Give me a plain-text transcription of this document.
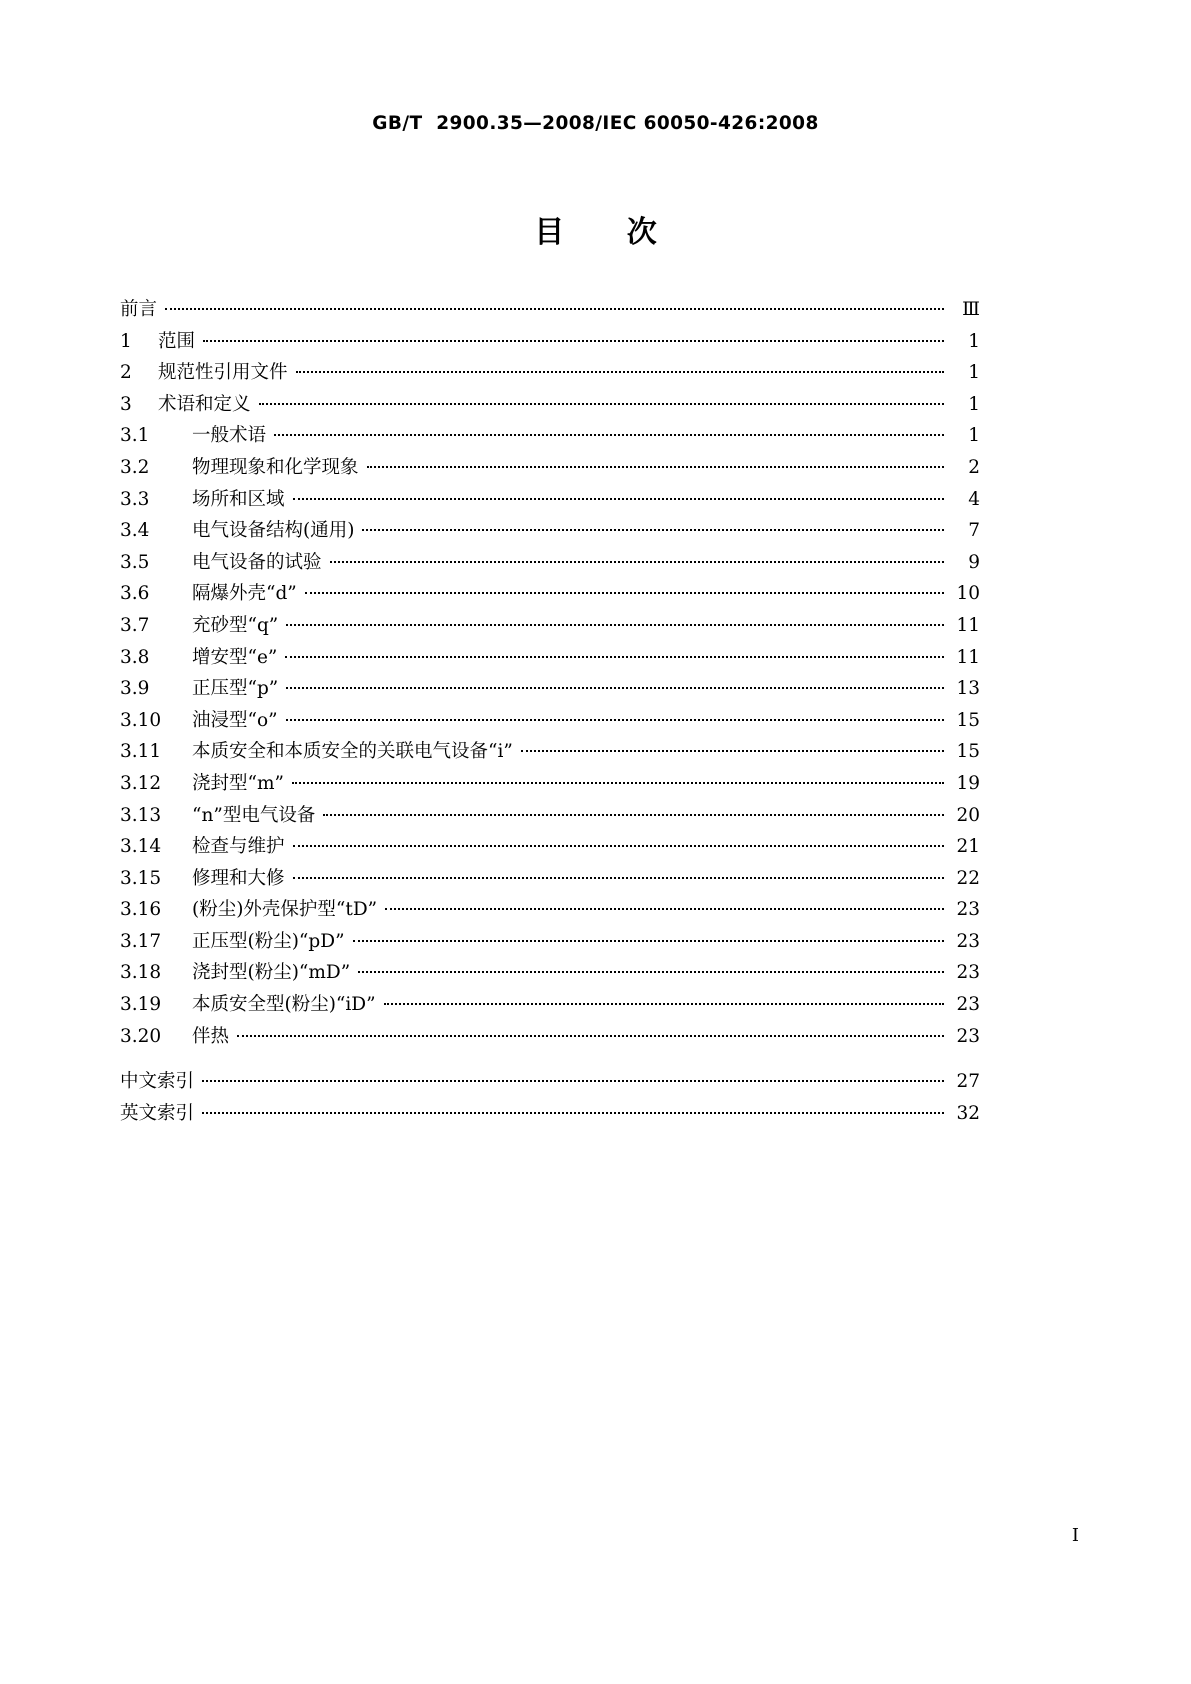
GB/T  2900.35—2008/IEC 60050-426:2008
目 次
前言	Ⅲ
1	范围	1
2	规范性引用文件	1
3	术语和定义	1
3.1	一般术语	1
3.2	物理现象和化学现象	2
3.3	场所和区域	4
3.4	电气设备结构(通用)	7
3.5	电气设备的试验	9
3.6	隔爆外壳“d”	10
3.7	充砂型“q”	11
3.8	增安型“e”	11
3.9	正压型“p”	13
3.10	油浸型“o”	15
3.11	本质安全和本质安全的关联电气设备“i”	15
3.12	浇封型“m”	19
3.13	“n”型电气设备	20
3.14	检查与维护	21
3.15	修理和大修	22
3.16	(粉尘)外壳保护型“tD”	23
3.17	正压型(粉尘)“pD”	23
3.18	浇封型(粉尘)“mD”	23
3.19	本质安全型(粉尘)“iD”	23
3.20	伴热	23
中文索引	27
英文索引	32
I
